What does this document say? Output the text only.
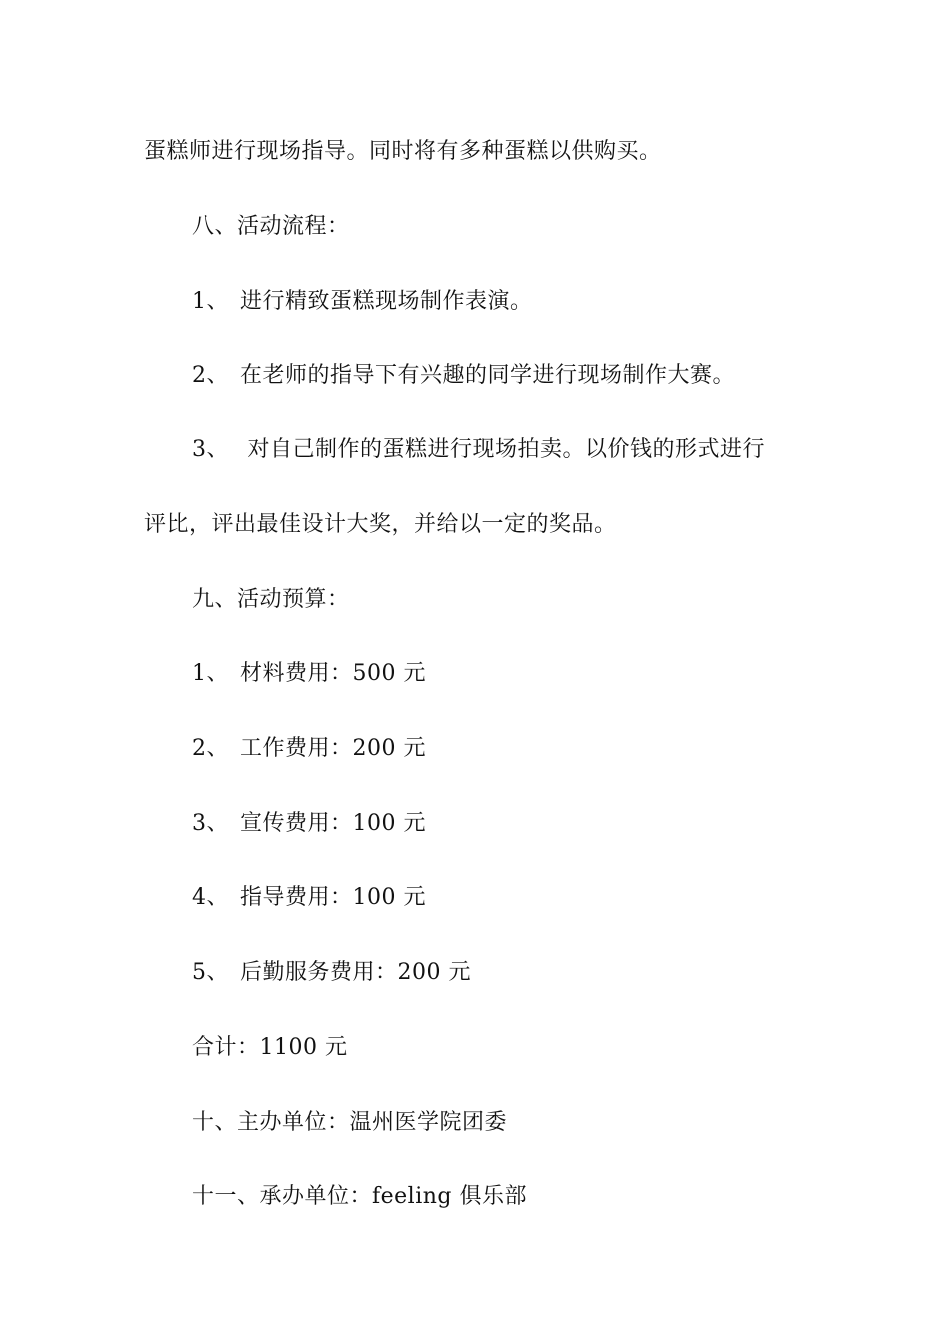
蛋糕师进行现场指导。同时将有多种蛋糕以供购买。
八、活动流程：
1、 进行精致蛋糕现场制作表演。
2、 在老师的指导下有兴趣的同学进行现场制作大赛。
3、 对自己制作的蛋糕进行现场拍卖。以价钱的形式进行
评比，评出最佳设计大奖，并给以一定的奖品。
九、活动预算：
1、 材料费用：500 元
2、 工作费用：200 元
3、 宣传费用：100 元
4、 指导费用：100 元
5、 后勤服务费用：200 元
合计：1100 元
十、主办单位：温州医学院团委
十一、承办单位：feeling 俱乐部
